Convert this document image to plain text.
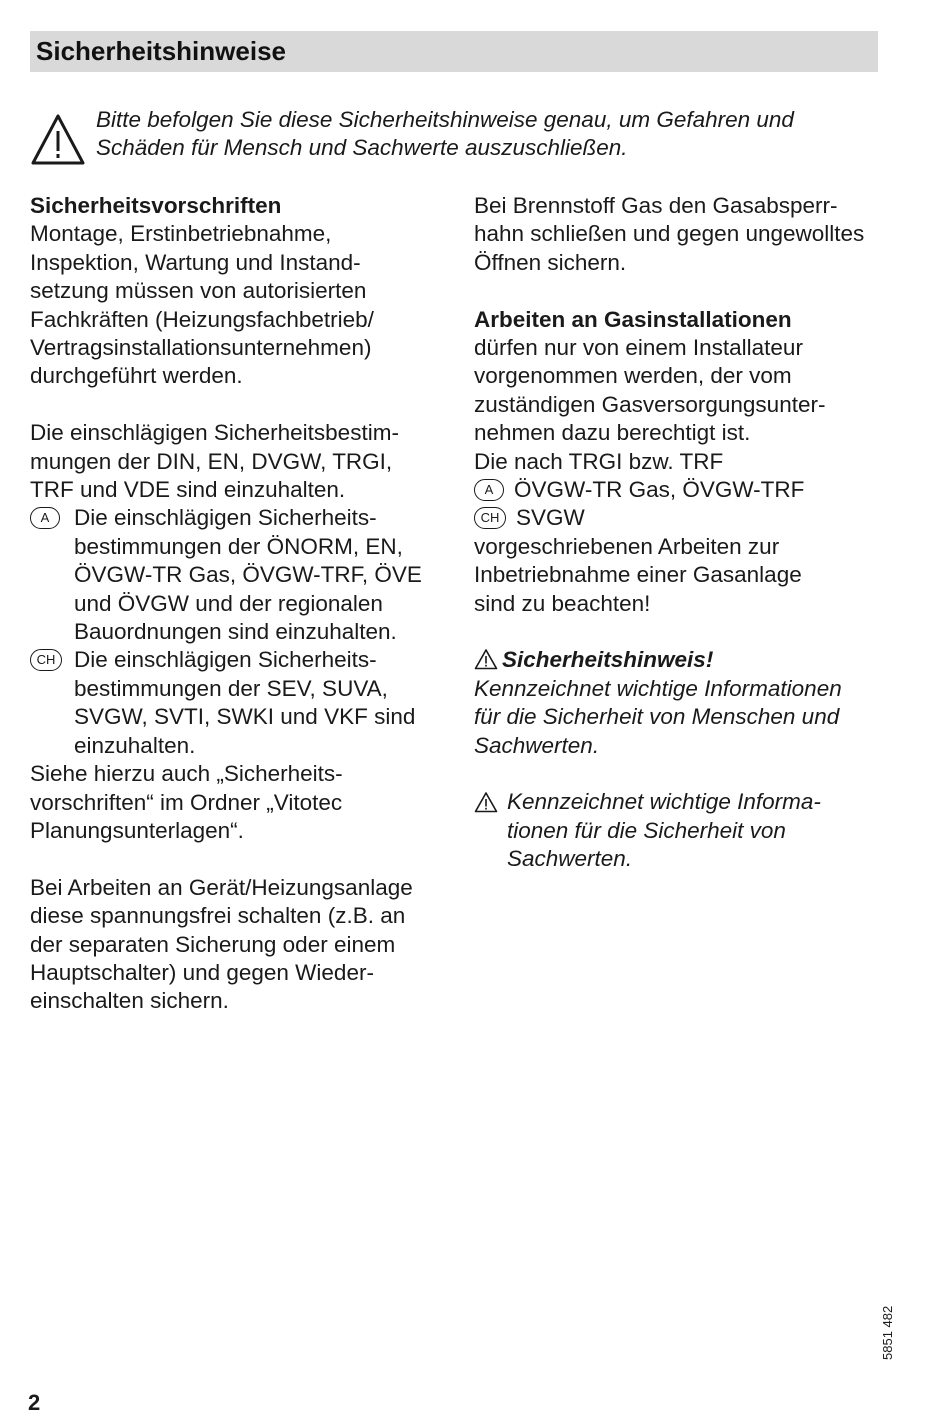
Sicherheitshinweise
Bitte befolgen Sie diese Sicherheitshinweise genau, um Gefahren und
Schäden für Mensch und Sachwerte auszuschließen.

Sicherheitsvorschriften

Montage, Erstinbetriebnahme,

Inspektion, Wartung und Instand-

setzung müssen von autorisierten

Fachkräften (Heizungsfachbetrieb/

Vertragsinstallationsunternehmen)

durchgeführt werden.

Die einschlägigen Sicherheitsbestim-

mungen der DIN, EN, DVGW, TRGI,

TRF und VDE sind einzuhalten.

A	Die einschlägigen Sicherheits-

bestimmungen der ÖNORM, EN,

ÖVGW-TR Gas, ÖVGW-TRF, ÖVE

und ÖVGW und der regionalen

Bauordnungen sind einzuhalten.

CH Die einschlägigen Sicherheits-

bestimmungen der SEV, SUVA,

SVGW, SVTI, SWKI und VKF sind

einzuhalten.

Siehe hierzu auch „Sicherheits-

vorschriften“ im Ordner „Vitotec

Planungsunterlagen“.

Bei Arbeiten an Gerät/Heizungsanlage

diese spannungsfrei schalten (z.B. an

der separaten Sicherung oder einem

Hauptschalter) und gegen Wieder-

einschalten sichern.

Bei Brennstoff Gas den Gasabsperr-

hahn schließen und gegen ungewolltes

Öffnen sichern.

Arbeiten an Gasinstallationen

dürfen nur von einem Installateur

vorgenommen werden, der vom

zuständigen Gasversorgungsunter-

nehmen dazu berechtigt ist.

Die nach TRGI bzw. TRF

A ÖVGW-TR Gas, ÖVGW-TRF
CH SVGW

vorgeschriebenen Arbeiten zur

Inbetriebnahme einer Gasanlage

sind zu beachten!

Sicherheitshinweis!

Kennzeichnet wichtige Informationen

für die Sicherheit von Menschen und

Sachwerten.

Kennzeichnet wichtige Informa-

tionen für die Sicherheit von

Sachwerten.

5851 482
2
